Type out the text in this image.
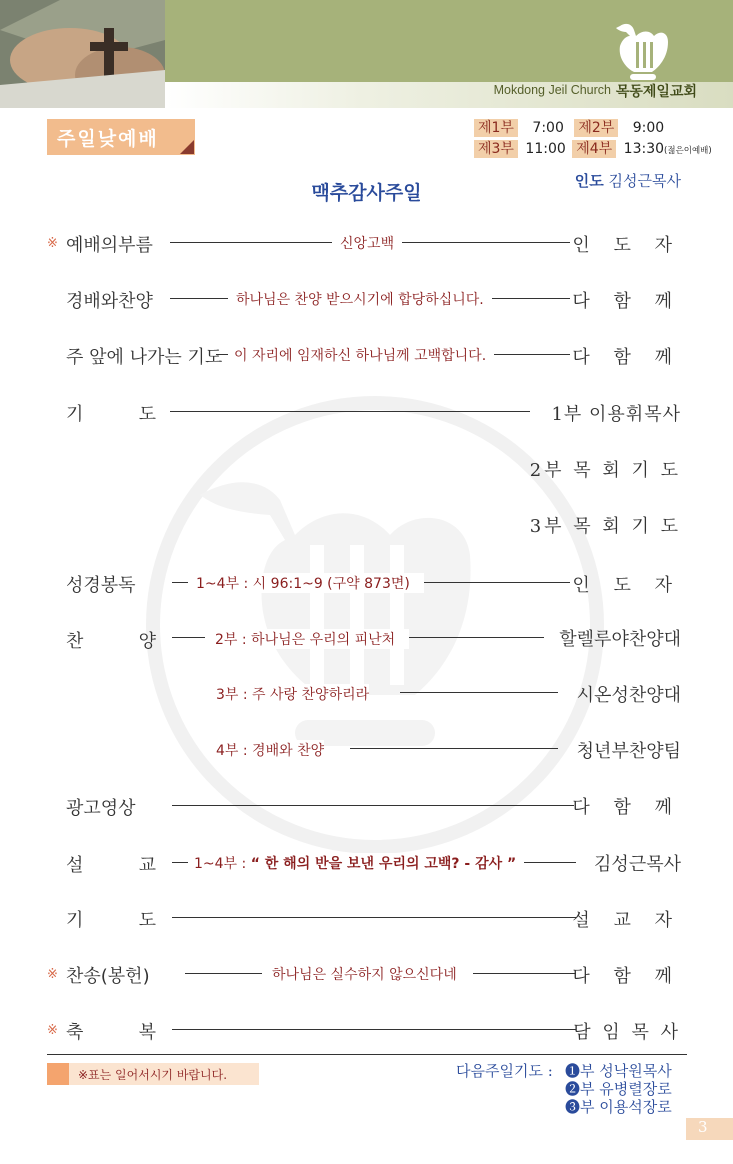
Mokdong Jeil Church 목동제일교회
주일낮예배	제1부 7:00 제2부 9:00
제3부 11:00 제4부 13:30(젊은이예배)
인도 김성근목사
맥추감사주일
※ 예배의부름	신앙고백	인 도 자
경배와찬양	하나님은 찬양 받으시기에 합당하십니다.	다 함 께
주 앞에 나가는 기도 이 자리에 임재하신 하나님께 고백합니다.	다 함 께
기 도	1부 이용휘목사
2부 목 회 기 도
3부 목 회 기 도
성경봉독	1~4부 : 시 96:1~9 (구약 873면)	인 도 자
찬 양	2부 : 하나님은 우리의 피난처	할렐루야찬양대
3부 : 주 사랑 찬양하리라	시온성찬양대
4부 : 경배와 찬양	청년부찬양팀
광고영상	다 함 께
설 교	1~4부 : “ 한 해의 반을 보낸 우리의 고백? - 감사 ”	김성근목사
기 도	설 교 자
※ 찬송(봉헌)	하나님은 실수하지 않으신다네	다 함 께
※ 축 복	담 임 목 사
※표는 일어서시기 바랍니다.	다음주일기도 : ❶부 성낙원목사
❷부 유병렬장로
❸부 이용석장로
3
